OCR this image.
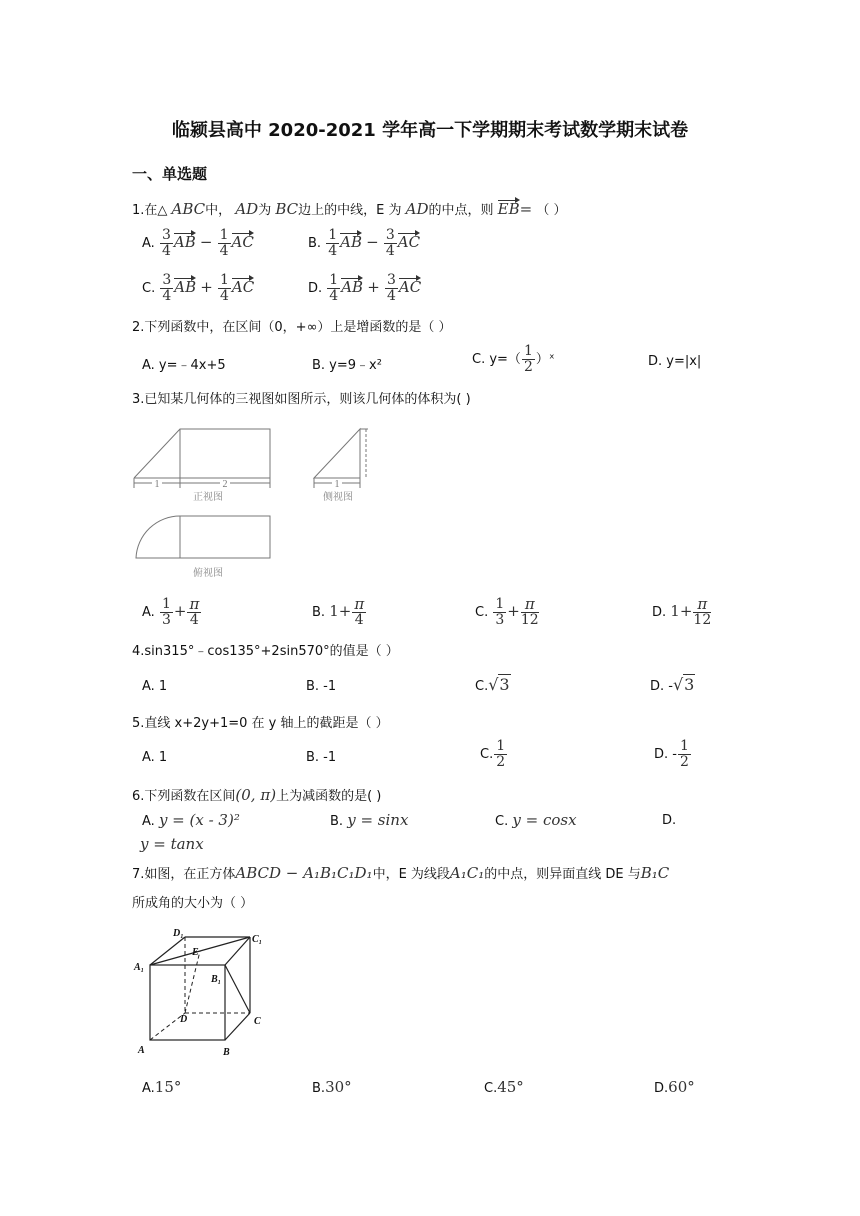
临颍县高中 2020-2021 学年高一下学期期末考试数学期末试卷
一、单选题
1.在△ ABC中， AD为 BC边上的中线，E 为 AD的中点，则 EB= （ ）
A. $\frac{3}{4}$ AB − $\frac{1}{4}$ AC	B. $\frac{1}{4}$ AB − $\frac{3}{4}$ AC
C. $\frac{3}{4}$ AB + $\frac{1}{4}$ AC	D. $\frac{1}{4}$ AB + $\frac{3}{4}$ AC
2.下列函数中，在区间（0，+∞）上是增函数的是（ ）
A. y=﹣4x+5	B. y=9﹣x²	C. $y=( \frac{1}{2}$ ）ˣ	D. y=|x|
3.已知某几何体的三视图如图所示，则该几何体的体积为( )
1	2	1
正视图	侧视图
俯视图
A. $\frac{1}{3} + \frac{\pi}{4}$	B. $1+ \frac{\pi}{4}$	C. $\frac{1}{3} + \frac{\pi}{12}$	D. $1+ \frac{\pi}{12}$
4.sin315°﹣cos135°+2sin570°的值是（ ）
A. 1	B. -1	C.√3	D. -√3
5.直线 x+2y+1=0 在 y 轴上的截距是（ ）
A. 1	B. -1	C. $\frac{1}{2}$	D. - $\frac{1}{2}$
6.下列函数在区间(0, π)上为减函数的是( )
A. y = (x - 3)²	B. y = sinx	C. y = cosx	D.
y = tanx
7.如图，在正方体ABCD − A₁B₁C₁D₁中，E 为线段A₁C₁的中点，则异面直线 DE 与B₁C
所成角的大小为（ ）
D₁
C₁
A₁
E
B₁
D	C
A	B
A.15°	B.30°	C.45°	D.60°
